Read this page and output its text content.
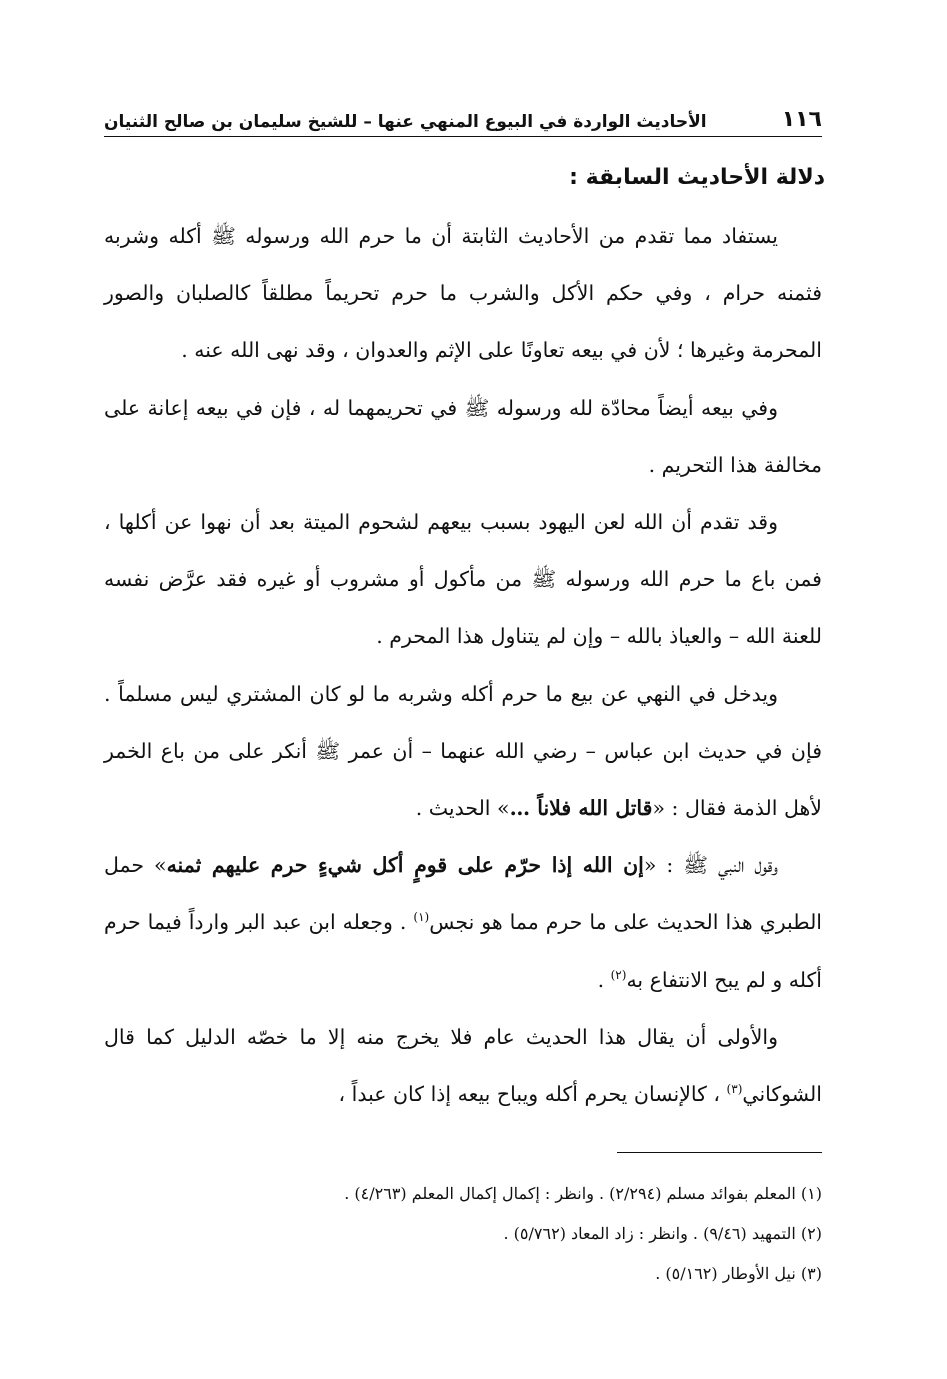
١١٦
الأحاديث الواردة في البيوع المنهي عنها – للشيخ سليمان بن صالح الثنيان
دلالة الأحاديث السابقة :

يستفاد مما تقدم من الأحاديث الثابتة أن ما حرم الله ورسوله ﷺ أكله وشربه فثمنه حرام ، وفي حكم الأكل والشرب ما حرم تحريماً مطلقاً كالصلبان والصور المحرمة وغيرها ؛ لأن في بيعه تعاونًا على الإثم والعدوان ، وقد نهى الله عنه .

وفي بيعه أيضاً محادّة لله ورسوله ﷺ في تحريمهما له ، فإن في بيعه إعانة على مخالفة هذا التحريم .

وقد تقدم أن الله لعن اليهود بسبب بيعهم لشحوم الميتة بعد أن نهوا عن أكلها ، فمن باع ما حرم الله ورسوله ﷺ من مأكول أو مشروب أو غيره فقد عرَّض نفسه للعنة الله – والعياذ بالله – وإن لم يتناول هذا المحرم .

ويدخل في النهي عن بيع ما حرم أكله وشربه ما لو كان المشتري ليس مسلماً . فإن في حديث ابن عباس – رضي الله عنهما – أن عمر ﷺ أنكر على من باع الخمر لأهل الذمة فقال : «قاتل الله فلاناً …» الحديث .

وقول النبي ﷺ : «إن الله إذا حرّم على قومٍ أكل شيءٍ حرم عليهم ثمنه» حمل الطبري هذا الحديث على ما حرم مما هو نجس$^{(١)}$ . وجعله ابن عبد البر وارداً فيما حرم أكله و لم يبح الانتفاع به$^{(٢)}$ .

والأولى أن يقال هذا الحديث عام فلا يخرج منه إلا ما خصّه الدليل كما قال الشوكاني$^{(٣)}$ ، كالإنسان يحرم أكله ويباح بيعه إذا كان عبداً ،

(١) المعلم بفوائد مسلم (٢/٢٩٤) . وانظر : إكمال إكمال المعلم (٤/٢٦٣) .
(٢) التمهيد (٩/٤٦) . وانظر : زاد المعاد (٥/٧٦٢) .
(٣) نيل الأوطار (٥/١٦٢) .
